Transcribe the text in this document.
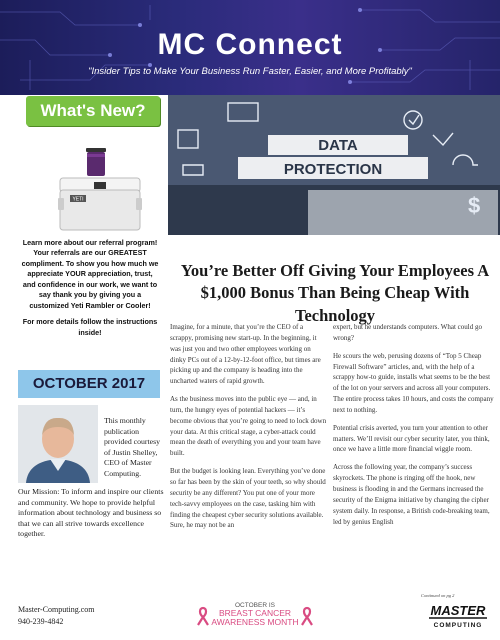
MC Connect
"Insider Tips to Make Your Business Run Faster, Easier, and More Profitably"
What's New?
YETI
DATA
PROTECTION
$

Learn more about our referral program! Your referrals are our GREATEST compliment. To show you how much we appreciate YOUR appreciation, trust, and confidence in our work, we want to say thank you by giving you a customized Yeti Rambler or Cooler!

For more details follow the instructions inside!

You’re Better Off Giving Your Employees A $1,000 Bonus Than Being Cheap With Technology
OCTOBER 2017
This monthly publication provided courtesy of Justin Shelley, CEO of Master Computing.
Our Mission: To inform and inspire our clients and community. We hope to provide helpful information about technology and business so that we can all strive towards excellence together.

Imagine, for a minute, that you’re the CEO of a scrappy, promising new start-up. In the beginning, it was just you and two other employees working on dinky PCs out of a 12-by-12-foot office, but times are picking up and the company is heading into the uncharted waters of rapid growth.

As the business moves into the public eye — and, in turn, the hungry eyes of potential hackers — it’s become obvious that you’re going to need to lock down your data. At this critical stage, a cyber-attack could mean the death of everything you and your team have built.

But the budget is looking lean. Everything you’ve done so far has been by the skin of your teeth, so why should security be any different? You put one of your more tech-savvy employees on the case, tasking him with finding the cheapest cyber security solutions available. Sure, he may not be an

expert, but he understands computers. What could go wrong?

He scours the web, perusing dozens of “Top 5 Cheap Firewall Software” articles, and, with the help of a scrappy how-to guide, installs what seems to be the best of the lot on your servers and across all your computers. The entire process takes 10 hours, and costs the company next to nothing.

Potential crisis averted, you turn your attention to other matters. We’ll revisit our cyber security later, you think, once we have a little more financial wiggle room.

Across the following year, the company’s success skyrockets. The phone is ringing off the hook, new business is flooding in and the Germans increased the security of the Enigma initiative by changing the cipher system daily. In response, a British code-breaking team, led by genius English

Continued on pg 2
Master-Computing.com
940-239-4842
OCTOBER IS
BREAST CANCER
AWARENESS MONTH
MASTER
COMPUTING
